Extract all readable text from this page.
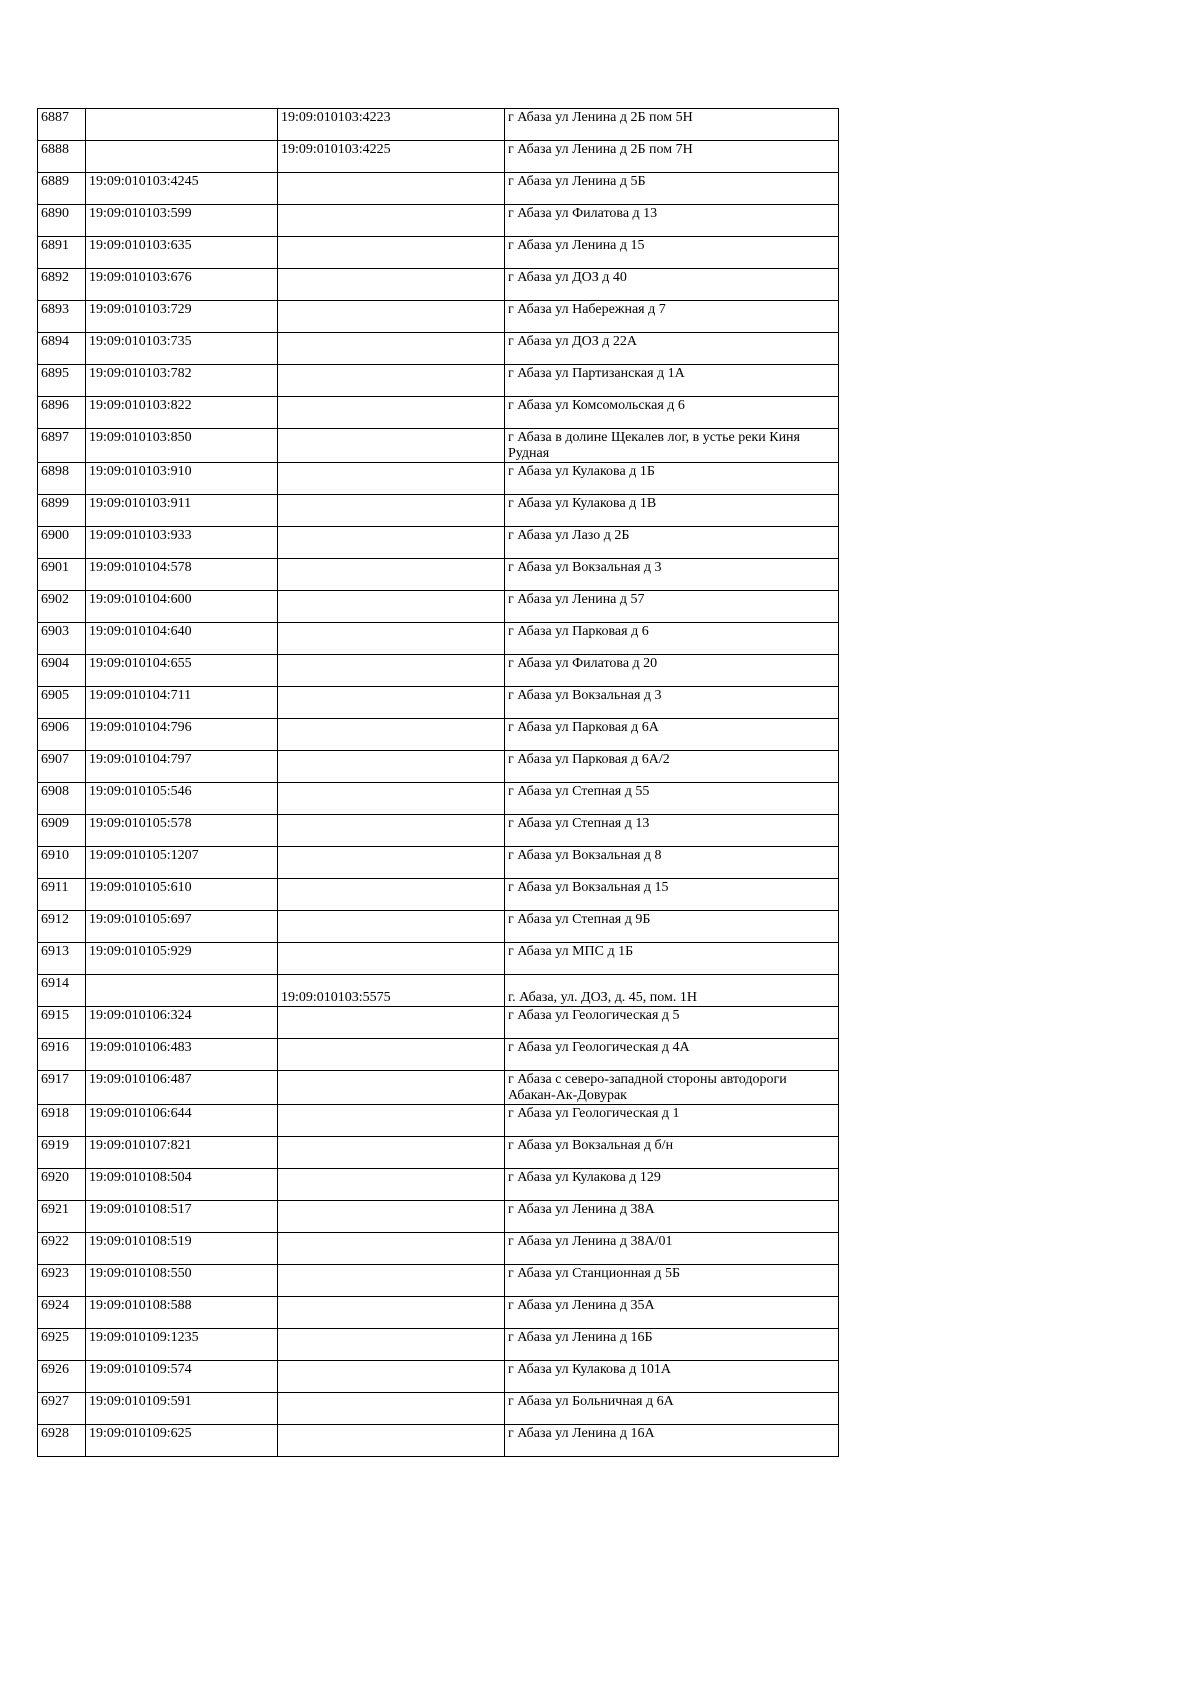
6887		19:09:010103:4223	г Абаза ул Ленина д 2Б пом 5Н
6888		19:09:010103:4225	г Абаза ул Ленина д 2Б пом 7Н
6889	19:09:010103:4245		г Абаза ул Ленина д 5Б
6890	19:09:010103:599		г Абаза ул Филатова д 13
6891	19:09:010103:635		г Абаза ул Ленина д 15
6892	19:09:010103:676		г Абаза ул ДОЗ д 40
6893	19:09:010103:729		г Абаза ул Набережная д 7
6894	19:09:010103:735		г Абаза ул ДОЗ д 22А
6895	19:09:010103:782		г Абаза ул Партизанская д 1А
6896	19:09:010103:822		г Абаза ул Комсомольская д 6
6897	19:09:010103:850		г Абаза в долине Щекалев лог, в устье реки Киня Рудная
6898	19:09:010103:910		г Абаза ул Кулакова д 1Б
6899	19:09:010103:911		г Абаза ул Кулакова д 1В
6900	19:09:010103:933		г Абаза ул Лазо д 2Б
6901	19:09:010104:578		г Абаза ул Вокзальная д 3
6902	19:09:010104:600		г Абаза ул Ленина д 57
6903	19:09:010104:640		г Абаза ул Парковая д 6
6904	19:09:010104:655		г Абаза ул Филатова д 20
6905	19:09:010104:711		г Абаза ул Вокзальная д 3
6906	19:09:010104:796		г Абаза ул Парковая д 6А
6907	19:09:010104:797		г Абаза ул Парковая д 6А/2
6908	19:09:010105:546		г Абаза ул Степная д 55
6909	19:09:010105:578		г Абаза ул Степная д 13
6910	19:09:010105:1207		г Абаза ул Вокзальная д 8
6911	19:09:010105:610		г Абаза ул Вокзальная д 15
6912	19:09:010105:697		г Абаза ул Степная д 9Б
6913	19:09:010105:929		г Абаза ул МПС д 1Б
6914		19:09:010103:5575	г. Абаза, ул. ДОЗ, д. 45, пом. 1Н
6915	19:09:010106:324		г Абаза ул Геологическая д 5
6916	19:09:010106:483		г Абаза ул Геологическая д 4А
6917	19:09:010106:487		г Абаза с северо-западной стороны автодороги Абакан-Ак-Довурак
6918	19:09:010106:644		г Абаза ул Геологическая д 1
6919	19:09:010107:821		г Абаза ул Вокзальная д б/н
6920	19:09:010108:504		г Абаза ул Кулакова д 129
6921	19:09:010108:517		г Абаза ул Ленина д 38А
6922	19:09:010108:519		г Абаза ул Ленина д 38А/01
6923	19:09:010108:550		г Абаза ул Станционная д 5Б
6924	19:09:010108:588		г Абаза ул Ленина д 35А
6925	19:09:010109:1235		г Абаза ул Ленина д 16Б
6926	19:09:010109:574		г Абаза ул Кулакова д 101А
6927	19:09:010109:591		г Абаза ул Больничная д 6А
6928	19:09:010109:625		г Абаза ул Ленина д 16А
